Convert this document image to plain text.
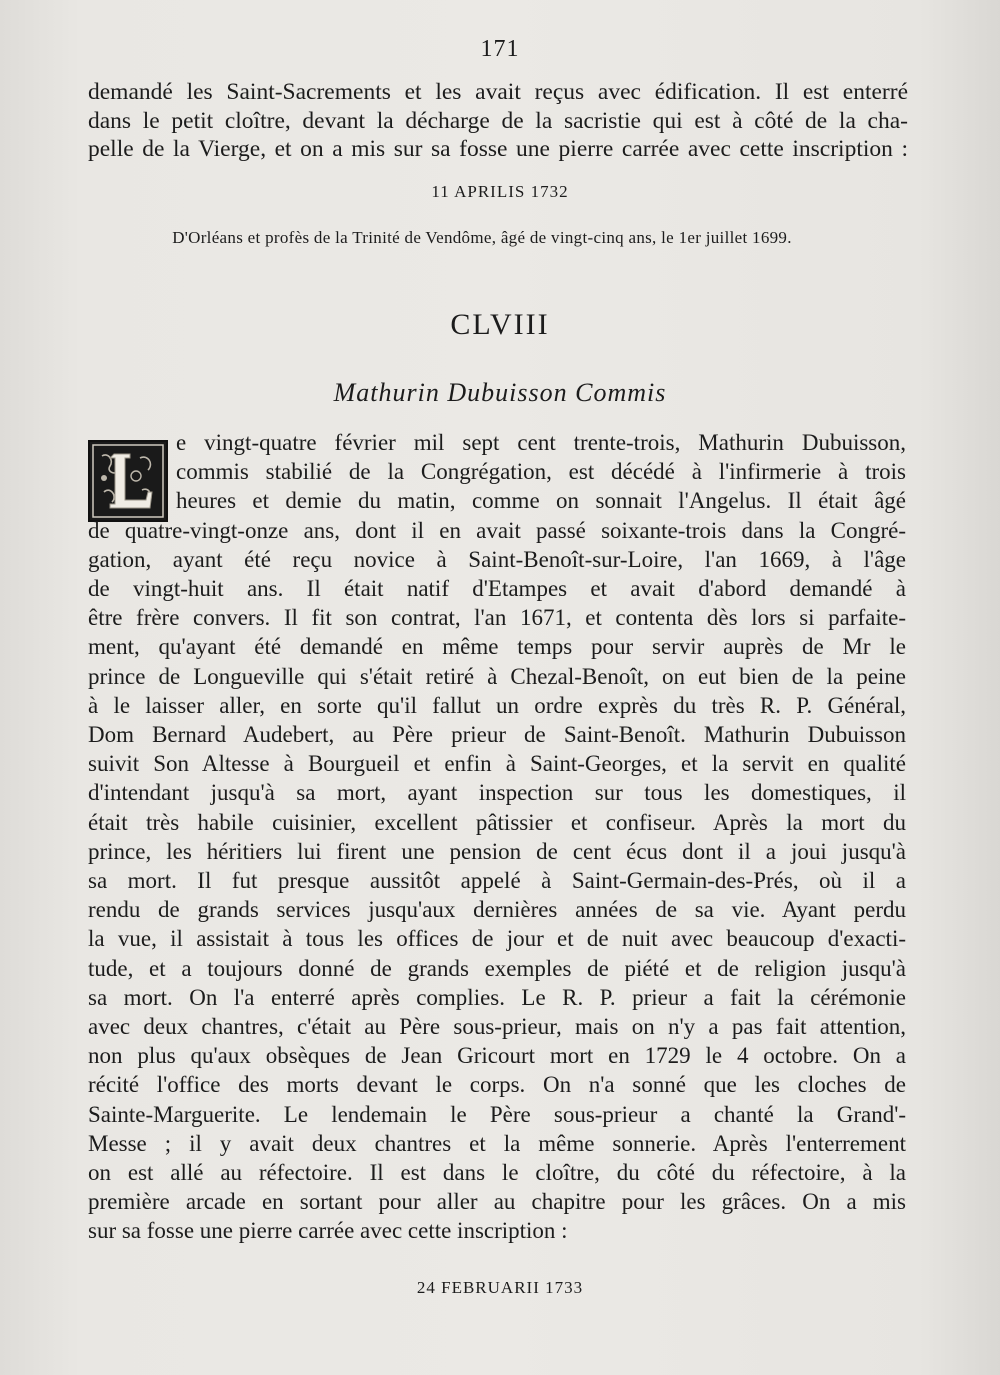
171
demandé les Saint-Sacrements et les avait reçus avec édification. Il est enterré
dans le petit cloître, devant la décharge de la sacristie qui est à côté de la cha-
pelle de la Vierge, et on a mis sur sa fosse une pierre carrée avec cette inscription :
11 APRILIS 1732
D'Orléans et profès de la Trinité de Vendôme, âgé de vingt-cinq ans, le 1er juillet 1699.
CLVIII
Mathurin Dubuisson Commis
e vingt-quatre février mil sept cent trente-trois, Mathurin Dubuisson,
commis stabilié de la Congrégation, est décédé à l'infirmerie à trois
heures et demie du matin, comme on sonnait l'Angelus. Il était âgé
de quatre-vingt-onze ans, dont il en avait passé soixante-trois dans la Congré-
gation, ayant été reçu novice à Saint-Benoît-sur-Loire, l'an 1669, à l'âge
de vingt-huit ans. Il était natif d'Etampes et avait d'abord demandé à
être frère convers. Il fit son contrat, l'an 1671, et contenta dès lors si parfaite-
ment, qu'ayant été demandé en même temps pour servir auprès de Mr le
prince de Longueville qui s'était retiré à Chezal-Benoît, on eut bien de la peine
à le laisser aller, en sorte qu'il fallut un ordre exprès du très R. P. Général,
Dom Bernard Audebert, au Père prieur de Saint-Benoît. Mathurin Dubuisson
suivit Son Altesse à Bourgueil et enfin à Saint-Georges, et la servit en qualité
d'intendant jusqu'à sa mort, ayant inspection sur tous les domestiques, il
était très habile cuisinier, excellent pâtissier et confiseur. Après la mort du
prince, les héritiers lui firent une pension de cent écus dont il a joui jusqu'à
sa mort. Il fut presque aussitôt appelé à Saint-Germain-des-Prés, où il a
rendu de grands services jusqu'aux dernières années de sa vie. Ayant perdu
la vue, il assistait à tous les offices de jour et de nuit avec beaucoup d'exacti-
tude, et a toujours donné de grands exemples de piété et de religion jusqu'à
sa mort. On l'a enterré après complies. Le R. P. prieur a fait la cérémonie
avec deux chantres, c'était au Père sous-prieur, mais on n'y a pas fait attention,
non plus qu'aux obsèques de Jean Gricourt mort en 1729 le 4 octobre. On a
récité l'office des morts devant le corps. On n'a sonné que les cloches de
Sainte-Marguerite. Le lendemain le Père sous-prieur a chanté la Grand'-
Messe ; il y avait deux chantres et la même sonnerie. Après l'enterrement
on est allé au réfectoire. Il est dans le cloître, du côté du réfectoire, à la
première arcade en sortant pour aller au chapitre pour les grâces. On a mis
sur sa fosse une pierre carrée avec cette inscription :
24 FEBRUARII 1733
